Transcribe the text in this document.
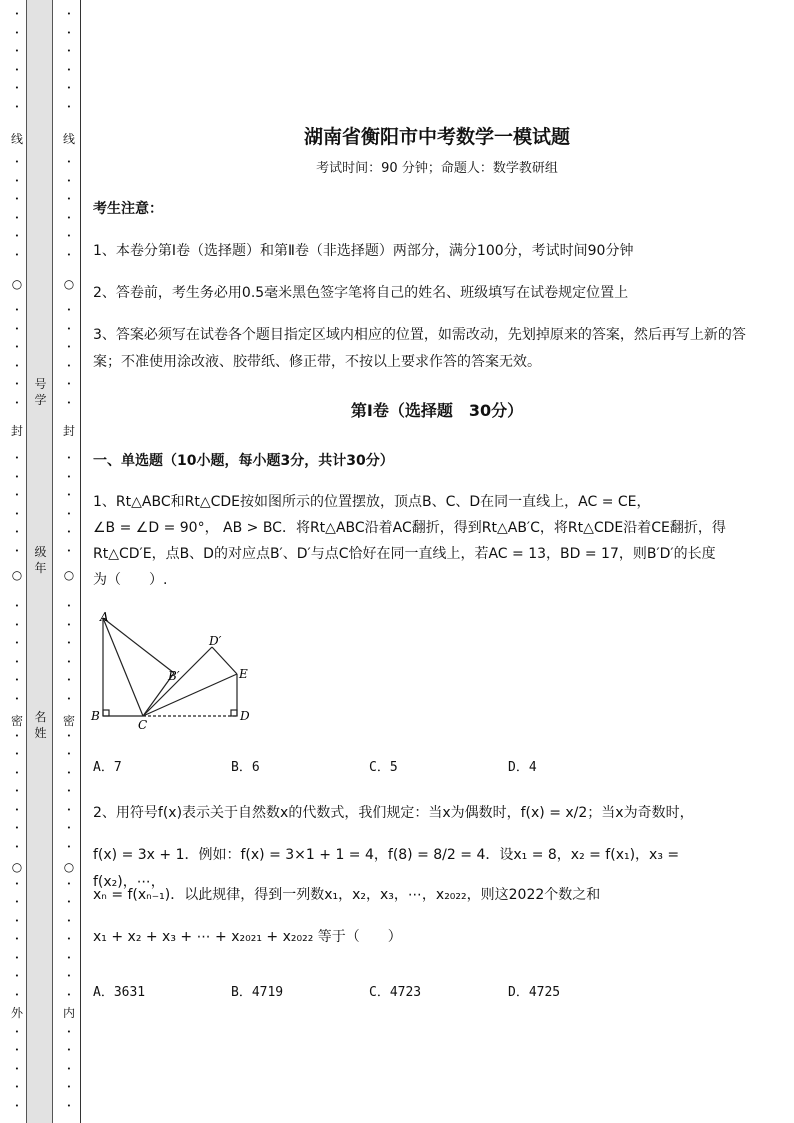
线
○
封
○
密
○
外
•
•
•
•
•
•
•
•
•
•
•
•
•
•
•
•
•
•
•
•
•
•
•
•
•
•
•
•
•
•
•
•
•
•
•
•
•
•
•
•
•
•
•
•
•
•
•
•
•
号
学
级
年
名
姓
线
○
封
○
密
○
内
•
•
•
•
•
•
•
•
•
•
•
•
•
•
•
•
•
•
•
•
•
•
•
•
•
•
•
•
•
•
•
•
•
•
•
•
•
•
•
•
•
•
•
•
•
•
•
•
•
湖南省衡阳市中考数学一模试题
考试时间：90 分钟；命题人：数学教研组
考生注意：
1、本卷分第Ⅰ卷（选择题）和第Ⅱ卷（非选择题）两部分，满分100分，考试时间90分钟
2、答卷前，考生务必用0.5毫米黑色签字笔将自己的姓名、班级填写在试卷规定位置上
3、答案必须写在试卷各个题目指定区域内相应的位置，如需改动，先划掉原来的答案，然后再写上新的答案；不准使用涂改液、胶带纸、修正带，不按以上要求作答的答案无效。
第Ⅰ卷（选择题　30分）
一、单选题（10小题，每小题3分，共计30分）
1、Rt△ABC和Rt△CDE按如图所示的位置摆放，顶点B、C、D在同一直线上，AC = CE，
∠B = ∠D = 90°， AB > BC．将Rt△ABC沿着AC翻折，得到Rt△AB′C，将Rt△CDE沿着CE翻折，得
Rt△CD′E，点B、D的对应点B′、D′与点C恰好在同一直线上，若AC = 13，BD = 17，则B′D′的长度
为（　　）.
A
B
C
D
E
B′
D′
A．7	B．6	C．5	D．4
2、用符号f(x)表示关于自然数x的代数式，我们规定：当x为偶数时，f(x) = x/2；当x为奇数时，
f(x) = 3x + 1．例如：f(x) = 3×1 + 1 = 4，f(8) = 8/2 = 4．设x₁ = 8，x₂ = f(x₁)，x₃ = f(x₂)，⋯，
xₙ = f(xₙ₋₁)．以此规律，得到一列数x₁，x₂，x₃，⋯，x₂₀₂₂，则这2022个数之和
x₁ + x₂ + x₃ + ⋯ + x₂₀₂₁ + x₂₀₂₂ 等于（　　）
A．3631	B．4719	C．4723	D．4725
